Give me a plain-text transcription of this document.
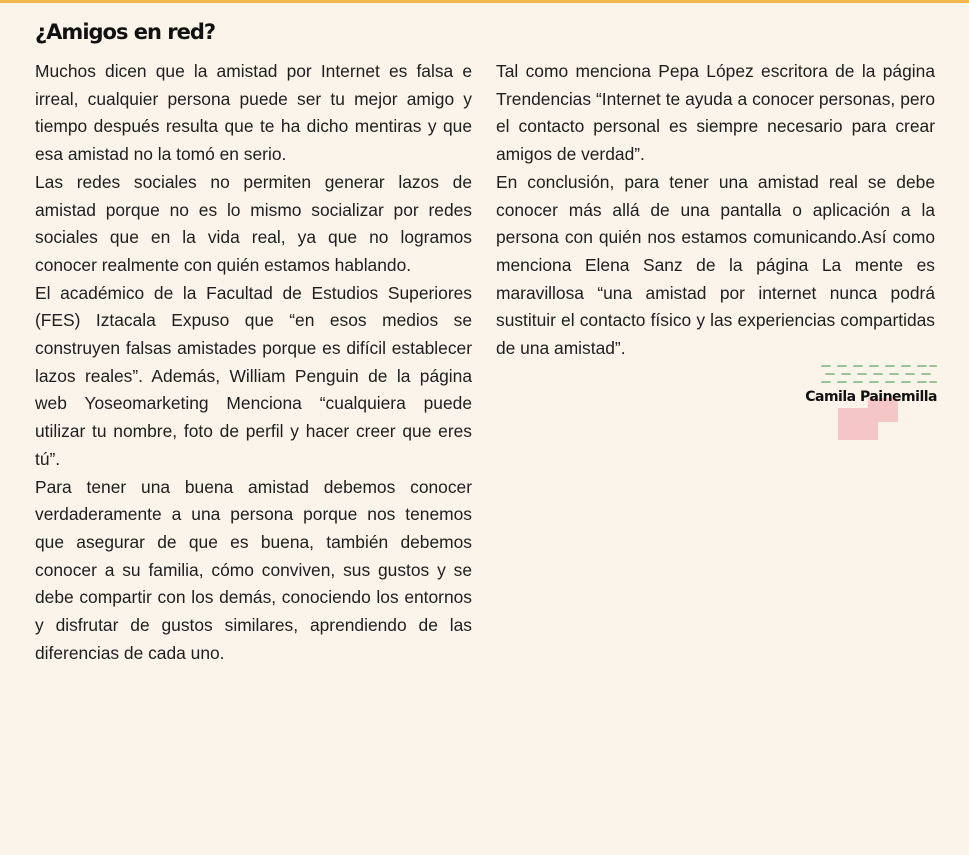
¿Amigos en red?

Muchos dicen que la amistad por Internet es falsa e irreal, cualquier persona puede ser tu mejor amigo y tiempo después resulta que te ha dicho mentiras y que esa amistad no la tomó en serio.

Las redes sociales no permiten generar lazos de amistad porque no es lo mismo socializar por redes sociales que en la vida real, ya que no logramos conocer realmente con quién estamos hablando.

El académico de la Facultad de Estudios Superiores (FES) Iztacala Expuso que “en esos medios se construyen falsas amistades porque es difícil establecer lazos reales”. Además, William Penguin de la página web Yoseomarketing Menciona “cualquiera puede utilizar tu nombre, foto de perfil y hacer creer que eres tú”.

Para tener una buena amistad debemos conocer verdaderamente a una persona porque nos tenemos que asegurar de que es buena, también debemos conocer a su familia, cómo conviven, sus gustos y se debe compartir con los demás, conociendo los entornos y disfrutar de gustos similares, aprendiendo de las diferencias de cada uno.

Tal como menciona Pepa López escritora de la página Trendencias “Internet te ayuda a conocer personas, pero el contacto personal es siempre necesario para crear amigos de verdad”.

En conclusión, para tener una amistad real se debe conocer más allá de una pantalla o aplicación a la persona con quién nos estamos comunicando.Así como menciona Elena Sanz de la página La mente es maravillosa “una amistad por internet nunca podrá sustituir el contacto físico y las experiencias compartidas de una amistad”.

Camila Painemilla
